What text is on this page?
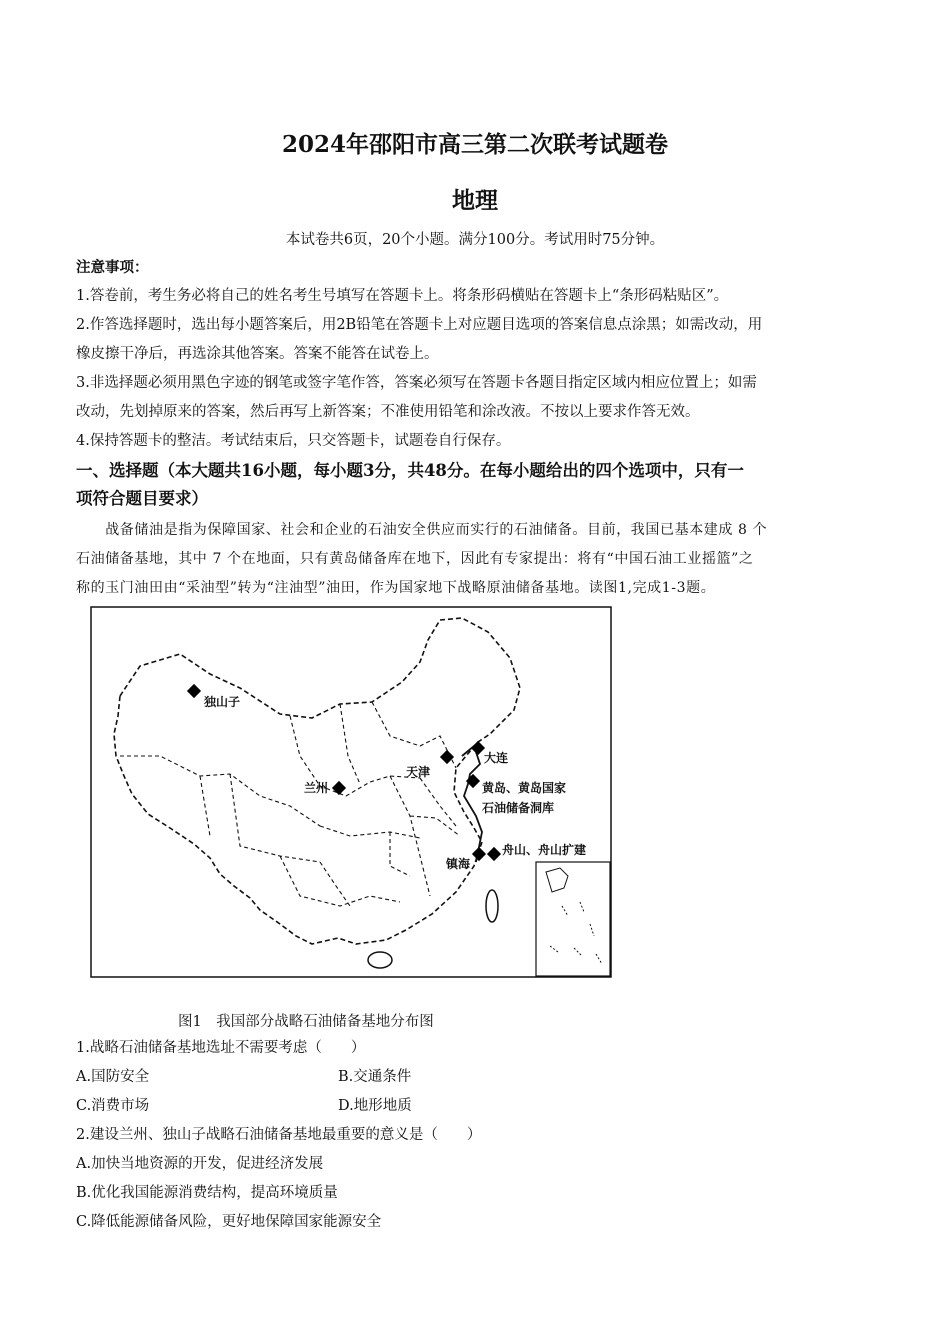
2024年邵阳市高三第二次联考试题卷
地理
本试卷共6页，20个小题。满分100分。考试用时75分钟。
注意事项：
1.答卷前，考生务必将自己的姓名考生号填写在答题卡上。将条形码横贴在答题卡上“条形码粘贴区”。
2.作答选择题时，选出每小题答案后，用2B铅笔在答题卡上对应题目选项的答案信息点涂黑；如需改动，用
橡皮擦干净后，再选涂其他答案。答案不能答在试卷上。
3.非选择题必须用黑色字迹的钢笔或签字笔作答，答案必须写在答题卡各题目指定区域内相应位置上；如需
改动，先划掉原来的答案，然后再写上新答案；不准使用铅笔和涂改液。不按以上要求作答无效。
4.保持答题卡的整洁。考试结束后，只交答题卡，试题卷自行保存。
一、选择题（本大题共16小题，每小题3分，共48分。在每小题给出的四个选项中，只有一
项符合题目要求）
　　战备储油是指为保障国家、社会和企业的石油安全供应而实行的石油储备。目前，我国已基本建成 8 个
石油储备基地，其中 7 个在地面，只有黄岛储备库在地下，因此有专家提出：将有“中国石油工业摇篮”之
称的玉门油田由“采油型”转为“注油型”油田，作为国家地下战略原油储备基地。读图1,完成1-3题。
独山子
兰州
天津
大连
黄岛、黄岛国家
石油储备洞库
舟山、舟山扩建
镇海
图1　我国部分战略石油储备基地分布图
1.战略石油储备基地选址不需要考虑（　　）
A.国防安全	B.交通条件
C.消费市场	D.地形地质
2.建设兰州、独山子战略石油储备基地最重要的意义是（　　）
A.加快当地资源的开发，促进经济发展
B.优化我国能源消费结构，提高环境质量
C.降低能源储备风险，更好地保障国家能源安全
